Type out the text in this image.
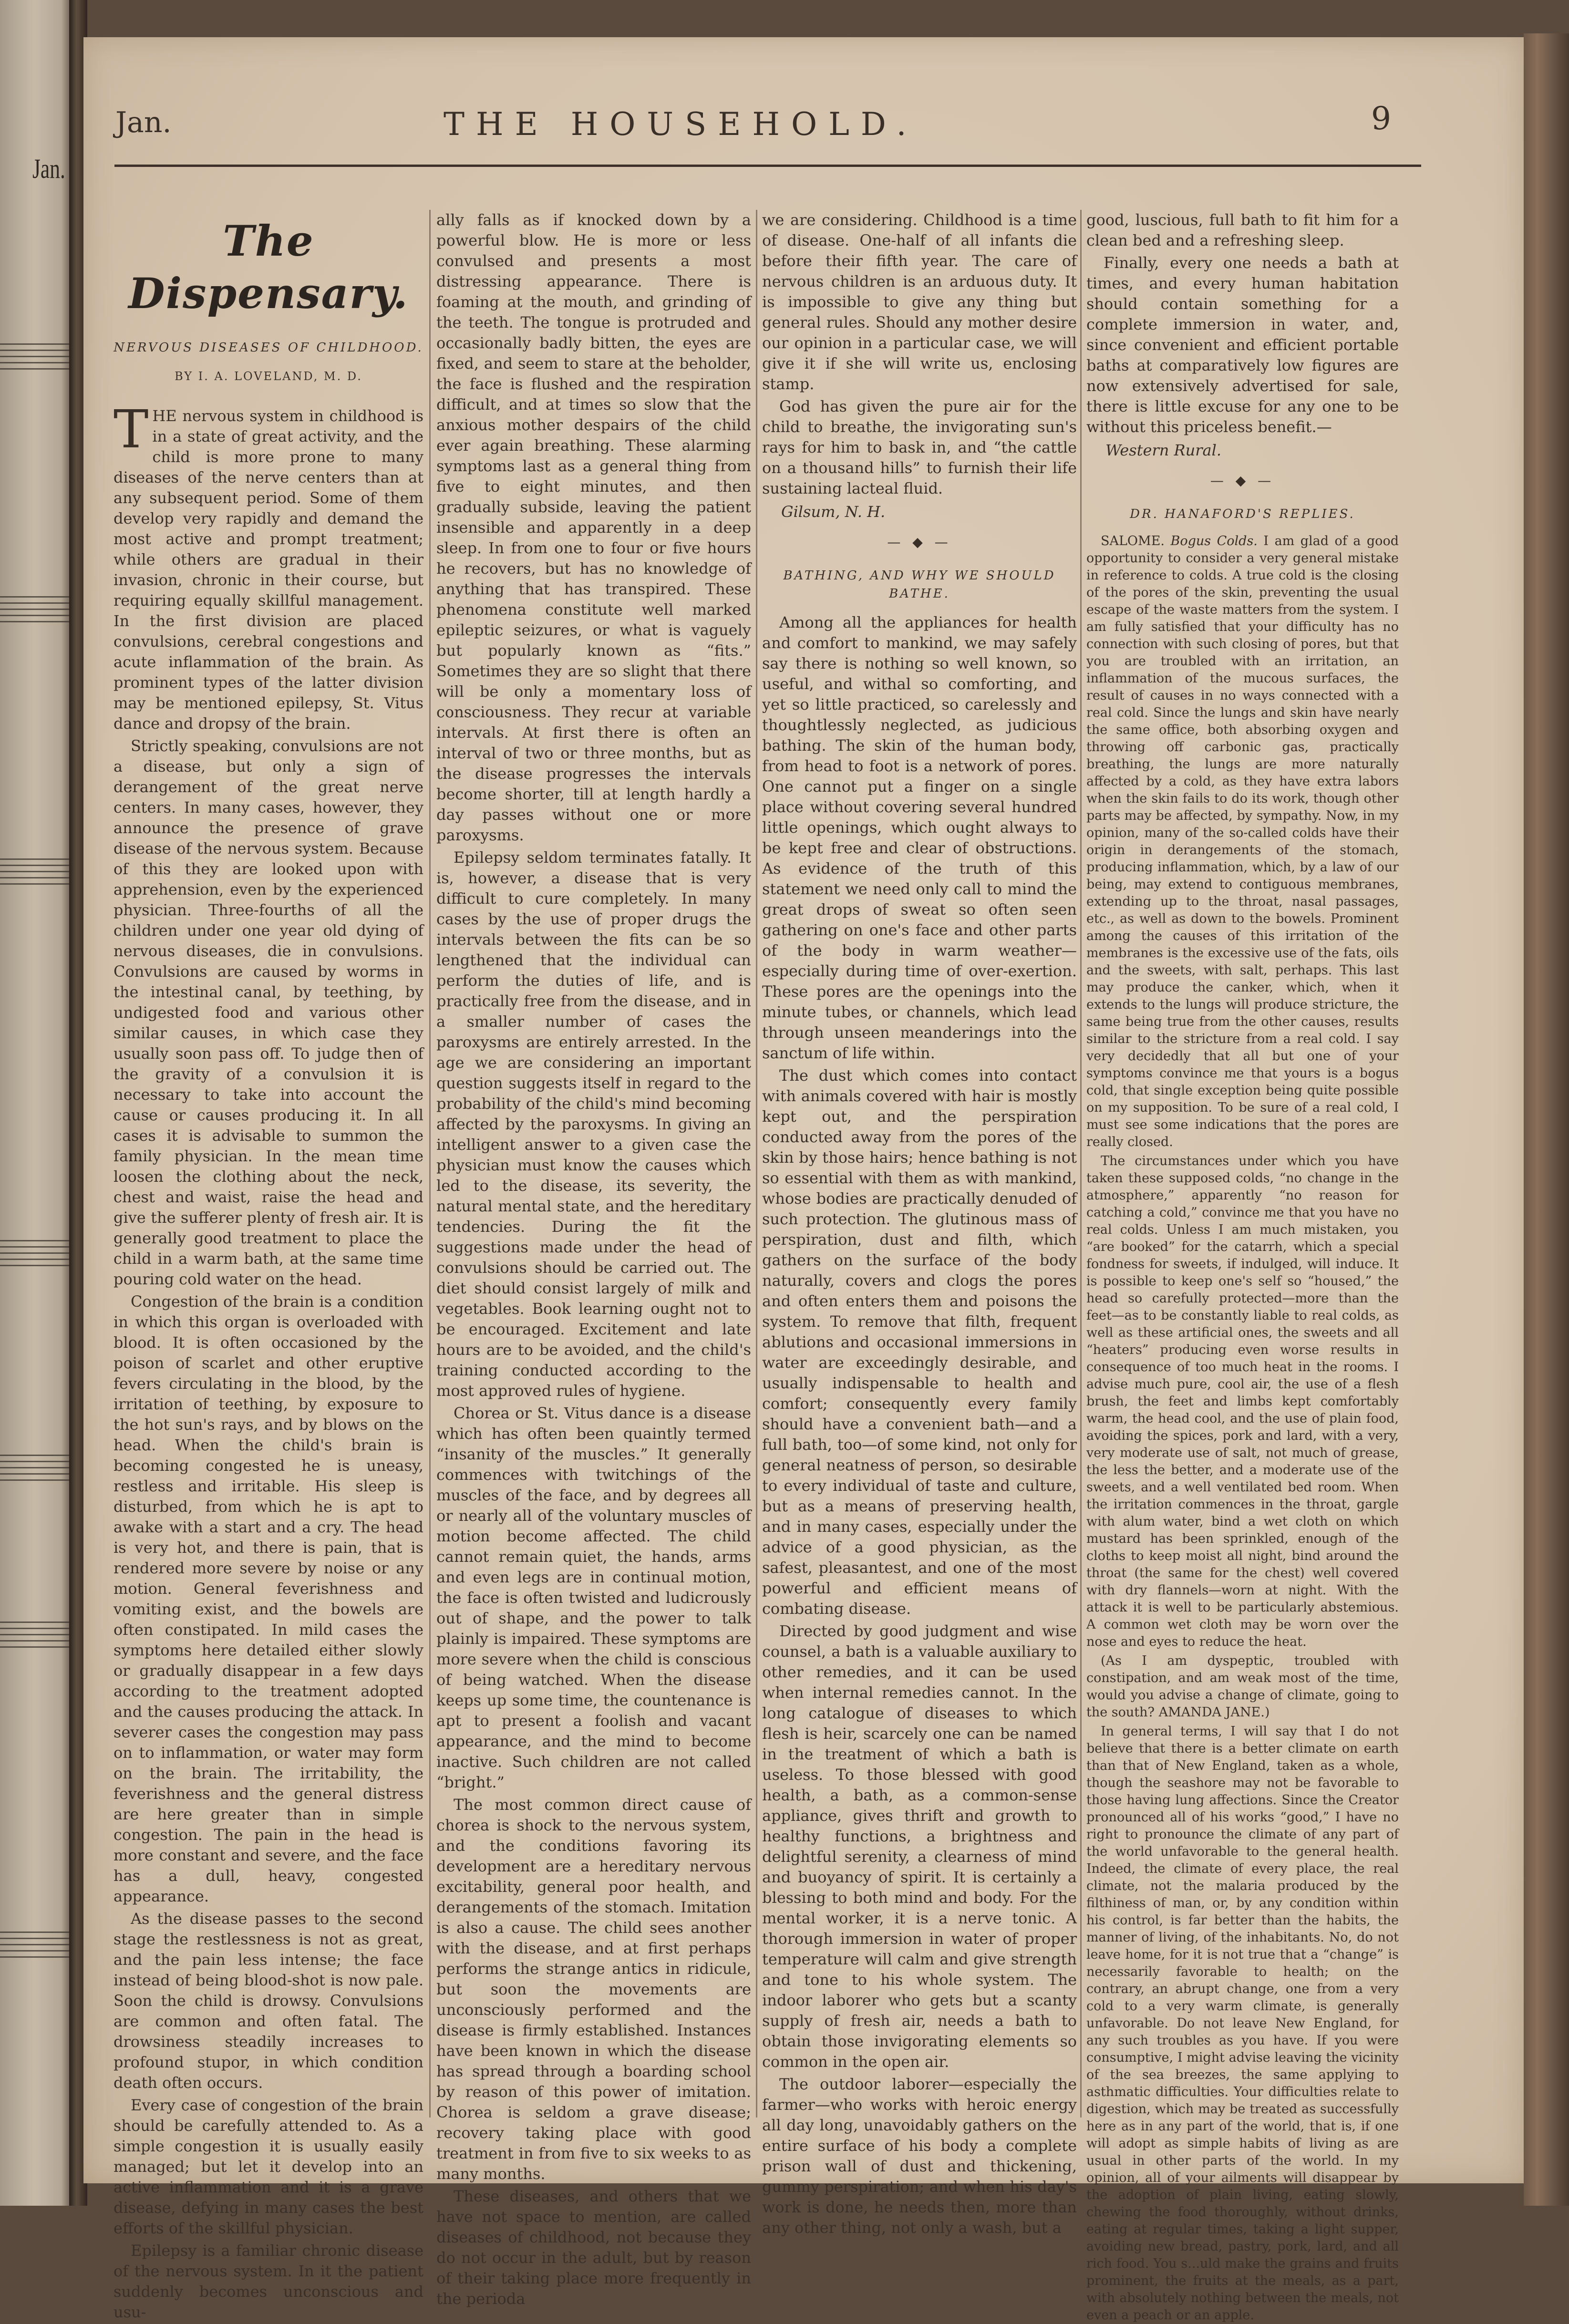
Jan.
Jan.	THE HOUSEHOLD.	9
The Dispensary.
NERVOUS DISEASES OF CHILDHOOD.
BY I. A. LOVELAND, M. D.

THE nervous system in childhood is in a state of great activity, and the child is more prone to many diseases of the nerve centers than at any subsequent period. Some of them develop very rapidly and demand the most active and prompt treatment; while others are gradual in their invasion, chronic in their course, but requiring equally skillful management. In the first division are placed convulsions, cerebral congestions and acute inflammation of the brain. As prominent types of the latter division may be mentioned epilepsy, St. Vitus dance and dropsy of the brain.

Strictly speaking, convulsions are not a disease, but only a sign of derangement of the great nerve centers. In many cases, however, they announce the presence of grave disease of the nervous system. Because of this they are looked upon with apprehension, even by the experienced physician. Three-fourths of all the children under one year old dying of nervous diseases, die in convulsions. Convulsions are caused by worms in the intestinal canal, by teething, by undigested food and various other similar causes, in which case they usually soon pass off. To judge then of the gravity of a convulsion it is necessary to take into account the cause or causes producing it. In all cases it is advisable to summon the family physician. In the mean time loosen the clothing about the neck, chest and waist, raise the head and give the sufferer plenty of fresh air. It is generally good treatment to place the child in a warm bath, at the same time pouring cold water on the head.

Congestion of the brain is a condition in which this organ is overloaded with blood. It is often occasioned by the poison of scarlet and other eruptive fevers circulating in the blood, by the irritation of teething, by exposure to the hot sun's rays, and by blows on the head. When the child's brain is becoming congested he is uneasy, restless and irritable. His sleep is disturbed, from which he is apt to awake with a start and a cry. The head is very hot, and there is pain, that is rendered more severe by noise or any motion. General feverishness and vomiting exist, and the bowels are often constipated. In mild cases the symptoms here detailed either slowly or gradually disappear in a few days according to the treatment adopted and the causes producing the attack. In severer cases the congestion may pass on to inflammation, or water may form on the brain. The irritability, the feverishness and the general distress are here greater than in simple congestion. The pain in the head is more constant and severe, and the face has a dull, heavy, congested appearance.

As the disease passes to the second stage the restlessness is not as great, and the pain less intense; the face instead of being blood-shot is now pale. Soon the child is drowsy. Convulsions are common and often fatal. The drowsiness steadily increases to profound stupor, in which condition death often occurs.

Every case of congestion of the brain should be carefully attended to. As a simple congestion it is usually easily managed; but let it develop into an active inflammation and it is a grave disease, defying in many cases the best efforts of the skillful physician.

Epilepsy is a familiar chronic disease of the nervous system. In it the patient suddenly becomes unconscious and usu-

ally falls as if knocked down by a powerful blow. He is more or less convulsed and presents a most distressing appearance. There is foaming at the mouth, and grinding of the teeth. The tongue is protruded and occasionally badly bitten, the eyes are fixed, and seem to stare at the beholder, the face is flushed and the respiration difficult, and at times so slow that the anxious mother despairs of the child ever again breathing. These alarming symptoms last as a general thing from five to eight minutes, and then gradually subside, leaving the patient insensible and apparently in a deep sleep. In from one to four or five hours he recovers, but has no knowledge of anything that has transpired. These phenomena constitute well marked epileptic seizures, or what is vaguely but popularly known as “fits.” Sometimes they are so slight that there will be only a momentary loss of consciousness. They recur at variable intervals. At first there is often an interval of two or three months, but as the disease progresses the intervals become shorter, till at length hardly a day passes without one or more paroxysms.

Epilepsy seldom terminates fatally. It is, however, a disease that is very difficult to cure completely. In many cases by the use of proper drugs the intervals between the fits can be so lengthened that the individual can perform the duties of life, and is practically free from the disease, and in a smaller number of cases the paroxysms are entirely arrested. In the age we are considering an important question suggests itself in regard to the probability of the child's mind becoming affected by the paroxysms. In giving an intelligent answer to a given case the physician must know the causes which led to the disease, its severity, the natural mental state, and the hereditary tendencies. During the fit the suggestions made under the head of convulsions should be carried out. The diet should consist largely of milk and vegetables. Book learning ought not to be encouraged. Excitement and late hours are to be avoided, and the child's training conducted according to the most approved rules of hygiene.

Chorea or St. Vitus dance is a disease which has often been quaintly termed “insanity of the muscles.” It generally commences with twitchings of the muscles of the face, and by degrees all or nearly all of the voluntary muscles of motion become affected. The child cannot remain quiet, the hands, arms and even legs are in continual motion, the face is often twisted and ludicrously out of shape, and the power to talk plainly is impaired. These symptoms are more severe when the child is conscious of being watched. When the disease keeps up some time, the countenance is apt to present a foolish and vacant appearance, and the mind to become inactive. Such children are not called “bright.”

The most common direct cause of chorea is shock to the nervous system, and the conditions favoring its development are a hereditary nervous excitability, general poor health, and derangements of the stomach. Imitation is also a cause. The child sees another with the disease, and at first perhaps performs the strange antics in ridicule, but soon the movements are unconsciously performed and the disease is firmly established. Instances have been known in which the disease has spread through a boarding school by reason of this power of imitation. Chorea is seldom a grave disease; recovery taking place with good treatment in from five to six weeks to as many months.

These diseases, and others that we have not space to mention, are called diseases of childhood, not because they do not occur in the adult, but by reason of their taking place more frequently in the perioda

we are considering. Childhood is a time of disease. One-half of all infants die before their fifth year. The care of nervous children is an arduous duty. It is impossible to give any thing but general rules. Should any mother desire our opinion in a particular case, we will give it if she will write us, enclosing stamp.

God has given the pure air for the child to breathe, the invigorating sun's rays for him to bask in, and “the cattle on a thousand hills” to furnish their life sustaining lacteal fluid.

Gilsum, N. H.
— ◆ —
BATHING, AND WHY WE SHOULD BATHE.

Among all the appliances for health and comfort to mankind, we may safely say there is nothing so well known, so useful, and withal so comforting, and yet so little practiced, so carelessly and thoughtlessly neglected, as judicious bathing. The skin of the human body, from head to foot is a network of pores. One cannot put a finger on a single place without covering several hundred little openings, which ought always to be kept free and clear of obstructions. As evidence of the truth of this statement we need only call to mind the great drops of sweat so often seen gathering on one's face and other parts of the body in warm weather—especially during time of over-exertion. These pores are the openings into the minute tubes, or channels, which lead through unseen meanderings into the sanctum of life within.

The dust which comes into contact with animals covered with hair is mostly kept out, and the perspiration conducted away from the pores of the skin by those hairs; hence bathing is not so essential with them as with mankind, whose bodies are practically denuded of such protection. The glutinous mass of perspiration, dust and filth, which gathers on the surface of the body naturally, covers and clogs the pores and often enters them and poisons the system. To remove that filth, frequent ablutions and occasional immersions in water are exceedingly desirable, and usually indispensable to health and comfort; consequently every family should have a convenient bath—and a full bath, too—of some kind, not only for general neatness of person, so desirable to every individual of taste and culture, but as a means of preserving health, and in many cases, especially under the advice of a good physician, as the safest, pleasantest, and one of the most powerful and efficient means of combating disease.

Directed by good judgment and wise counsel, a bath is a valuable auxiliary to other remedies, and it can be used when internal remedies cannot. In the long catalogue of diseases to which flesh is heir, scarcely one can be named in the treatment of which a bath is useless. To those blessed with good health, a bath, as a common-sense appliance, gives thrift and growth to healthy functions, a brightness and delightful serenity, a clearness of mind and buoyancy of spirit. It is certainly a blessing to both mind and body. For the mental worker, it is a nerve tonic. A thorough immersion in water of proper temperature will calm and give strength and tone to his whole system. The indoor laborer who gets but a scanty supply of fresh air, needs a bath to obtain those invigorating elements so common in the open air.

The outdoor laborer—especially the farmer—who works with heroic energy all day long, unavoidably gathers on the entire surface of his body a complete prison wall of dust and thickening, gummy perspiration; and when his day's work is done, he needs then, more than any other thing, not only a wash, but a

good, luscious, full bath to fit him for a clean bed and a refreshing sleep.

Finally, every one needs a bath at times, and every human habitation should contain something for a complete immersion in water, and, since convenient and efficient portable baths at comparatively low figures are now extensively advertised for sale, there is little excuse for any one to be without this priceless benefit.—

Western Rural.
— ◆ —
DR. HANAFORD'S REPLIES.

SALOME. Bogus Colds. I am glad of a good opportunity to consider a very general mistake in reference to colds. A true cold is the closing of the pores of the skin, preventing the usual escape of the waste matters from the system. I am fully satisfied that your difficulty has no connection with such closing of pores, but that you are troubled with an irritation, an inflammation of the mucous surfaces, the result of causes in no ways connected with a real cold. Since the lungs and skin have nearly the same office, both absorbing oxygen and throwing off carbonic gas, practically breathing, the lungs are more naturally affected by a cold, as they have extra labors when the skin fails to do its work, though other parts may be affected, by sympathy. Now, in my opinion, many of the so-called colds have their origin in derangements of the stomach, producing inflammation, which, by a law of our being, may extend to contiguous membranes, extending up to the throat, nasal passages, etc., as well as down to the bowels. Prominent among the causes of this irritation of the membranes is the excessive use of the fats, oils and the sweets, with salt, perhaps. This last may produce the canker, which, when it extends to the lungs will produce stricture, the same being true from the other causes, results similar to the stricture from a real cold. I say very decidedly that all but one of your symptoms convince me that yours is a bogus cold, that single exception being quite possible on my supposition. To be sure of a real cold, I must see some indications that the pores are really closed.

The circumstances under which you have taken these supposed colds, “no change in the atmosphere,” apparently “no reason for catching a cold,” convince me that you have no real colds. Unless I am much mistaken, you “are booked” for the catarrh, which a special fondness for sweets, if indulged, will induce. It is possible to keep one's self so “housed,” the head so carefully protected—more than the feet—as to be constantly liable to real colds, as well as these artificial ones, the sweets and all “heaters” producing even worse results in consequence of too much heat in the rooms. I advise much pure, cool air, the use of a flesh brush, the feet and limbs kept comfortably warm, the head cool, and the use of plain food, avoiding the spices, pork and lard, with a very, very moderate use of salt, not much of grease, the less the better, and a moderate use of the sweets, and a well ventilated bed room. When the irritation commences in the throat, gargle with alum water, bind a wet cloth on which mustard has been sprinkled, enough of the cloths to keep moist all night, bind around the throat (the same for the chest) well covered with dry flannels—worn at night. With the attack it is well to be particularly abstemious. A common wet cloth may be worn over the nose and eyes to reduce the heat.

(As I am dyspeptic, troubled with constipation, and am weak most of the time, would you advise a change of climate, going to the south? AMANDA JANE.)

In general terms, I will say that I do not believe that there is a better climate on earth than that of New England, taken as a whole, though the seashore may not be favorable to those having lung affections. Since the Creator pronounced all of his works “good,” I have no right to pronounce the climate of any part of the world unfavorable to the general health. Indeed, the climate of every place, the real climate, not the malaria produced by the filthiness of man, or, by any condition within his control, is far better than the habits, the manner of living, of the inhabitants. No, do not leave home, for it is not true that a “change” is necessarily favorable to health; on the contrary, an abrupt change, one from a very cold to a very warm climate, is generally unfavorable. Do not leave New England, for any such troubles as you have. If you were consumptive, I might advise leaving the vicinity of the sea breezes, the same applying to asthmatic difficulties. Your difficulties relate to digestion, which may be treated as successfully here as in any part of the world, that is, if one will adopt as simple habits of living as are usual in other parts of the world. In my opinion, all of your ailments will disappear by the adoption of plain living, eating slowly, chewing the food thoroughly, without drinks, eating at regular times, taking a light supper, avoiding new bread, pastry, pork, lard, and all rich food. You s...uld make the grains and fruits prominent, the fruits at the meals, as a part, with absolutely nothing between the meals, not even a peach or an apple.
